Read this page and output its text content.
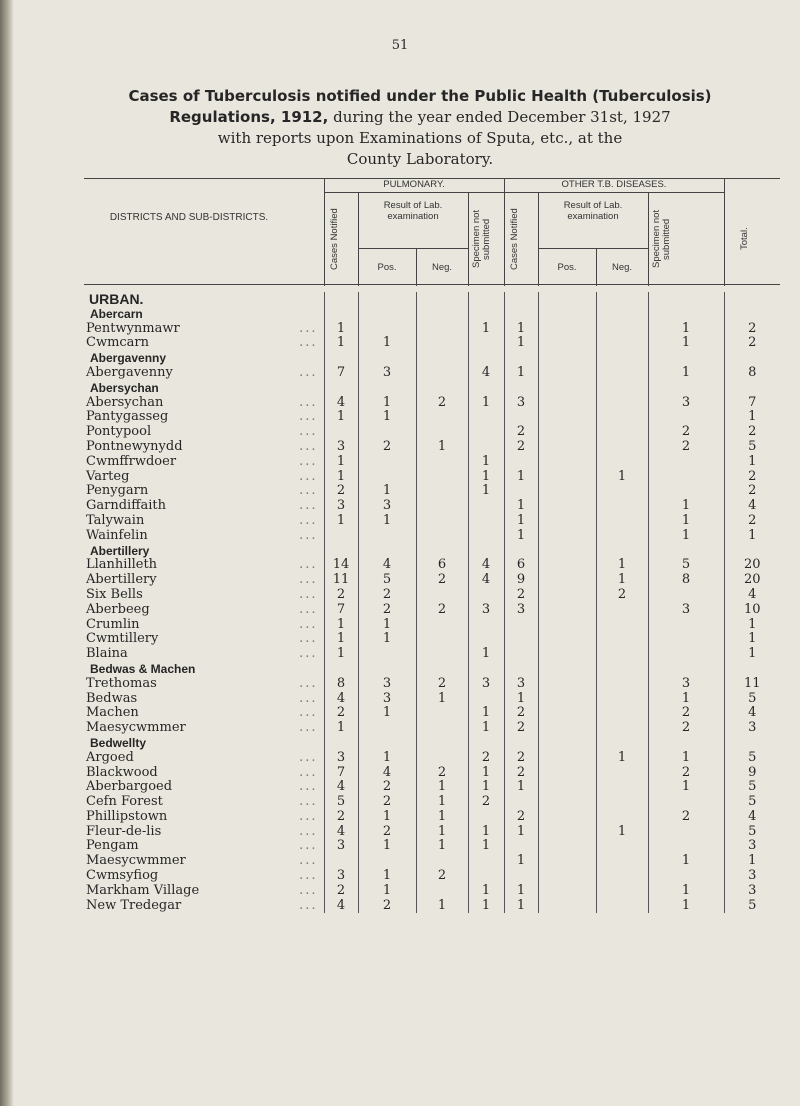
51
Cases of Tuberculosis notified under the Public Health (Tuberculosis)
Regulations, 1912, during the year ended December 31st, 1927
with reports upon Examinations of Sputa, etc., at the
County Laboratory.
PULMONARY.	OTHER T.B. DISEASES.
DISTRICTS AND SUB-DISTRICTS.	Cases Notified
Result of Lab. examination
Pos.	Neg.	Specimen not submitted	Cases Notified
Result of Lab. examination
Pos.	Neg.	Specimen not submitted	Total.
URBAN.									
Abercarn									
Pentwynmawr ...	1			1	1			1	2
Cwmcarn ...	1	1			1			1	2
Abergavenny									
Abergavenny ...	7	3		4	1			1	8
Abersychan									
Abersychan ...	4	1	2	1	3			3	7
Pantygasseg ...	1	1							1
Pontypool ...					2			2	2
Pontnewynydd ...	3	2	1		2			2	5
Cwmffrwdoer ...	1			1					1
Varteg ...	1			1	1		1		2
Penygarn ...	2	1		1					2
Garndiffaith ...	3	3			1			1	4
Talywain ...	1	1			1			1	2
Wainfelin ...					1			1	1
Abertillery									
Llanhilleth ...	14	4	6	4	6		1	5	20
Abertillery ...	11	5	2	4	9		1	8	20
Six Bells ...	2	2			2		2		4
Aberbeeg ...	7	2	2	3	3			3	10
Crumlin ...	1	1							1
Cwmtillery ...	1	1							1
Blaina ...	1			1					1
Bedwas & Machen									
Trethomas ...	8	3	2	3	3			3	11
Bedwas ...	4	3	1		1			1	5
Machen ...	2	1		1	2			2	4
Maesycwmmer ...	1			1	2			2	3
Bedwellty									
Argoed ...	3	1		2	2		1	1	5
Blackwood ...	7	4	2	1	2			2	9
Aberbargoed ...	4	2	1	1	1			1	5
Cefn Forest ...	5	2	1	2					5
Phillipstown ...	2	1	1		2			2	4
Fleur-de-lis ...	4	2	1	1	1		1		5
Pengam ...	3	1	1	1					3
Maesycwmmer ...					1			1	1
Cwmsyfiog ...	3	1	2						3
Markham Village ...	2	1		1	1			1	3
New Tredegar ...	4	2	1	1	1			1	5
